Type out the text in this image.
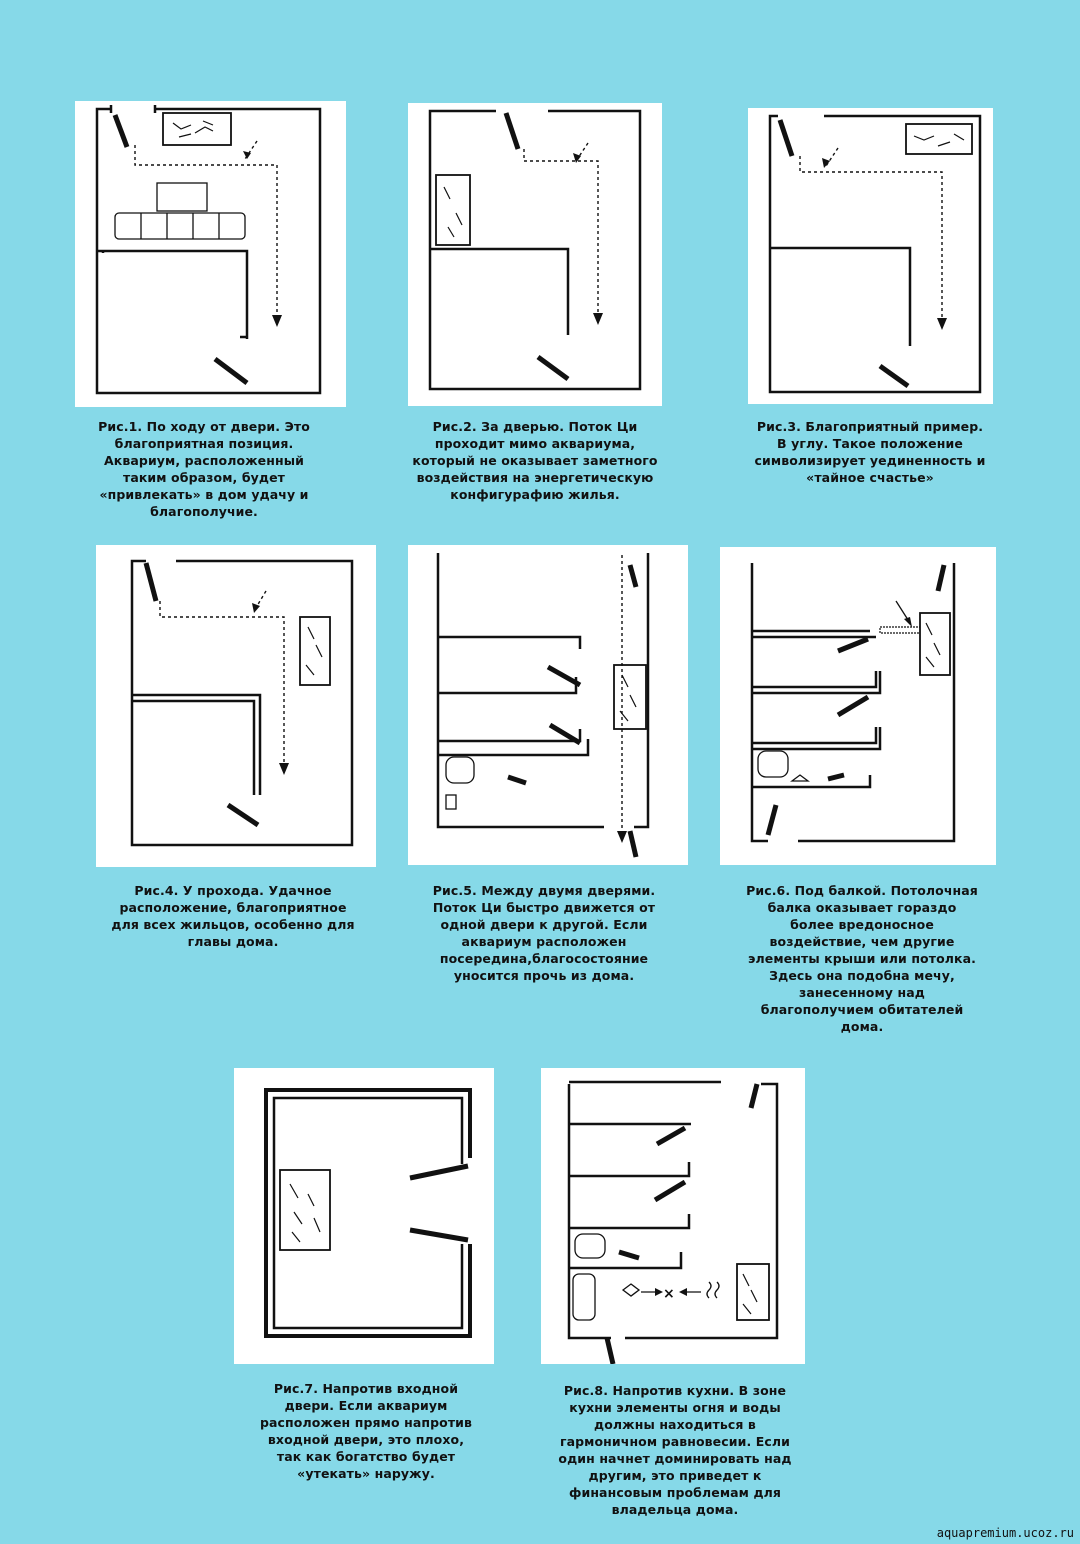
Рис.1. По ходу от двери. Это благоприятная позиция. Аквариум, расположенный таким образом, будет «привлекать» в дом удачу и благополучие.
Рис.2. За дверью. Поток Ци проходит мимо аквариума, который не оказывает заметного воздействия на энергетическую конфигурафию жилья.
Рис.3. Благоприятный пример. В углу. Такое положение символизирует уединенность и «тайное счастье»
Рис.4. У прохода. Удачное расположение, благоприятное для всех жильцов, особенно для главы дома.
Рис.5. Между двумя дверями. Поток Ци быстро движется от одной двери к другой. Если аквариум расположен посередина,благосостояние уносится прочь из дома.
Рис.6. Под балкой. Потолочная балка оказывает гораздо более вредоносное воздействие, чем другие элементы крыши или потолка. Здесь она подобна мечу, занесенному над благополучием обитателей дома.
Рис.7. Напротив входной двери. Если аквариум расположен прямо напротив входной двери, это плохо, так как богатство будет «утекать» наружу.
×
Рис.8. Напротив кухни. В зоне кухни элементы огня и воды должны находиться в гармоничном равновесии. Если один начнет доминировать над другим, это приведет к финансовым проблемам для владельца дома.
aquapremium.ucoz.ru
